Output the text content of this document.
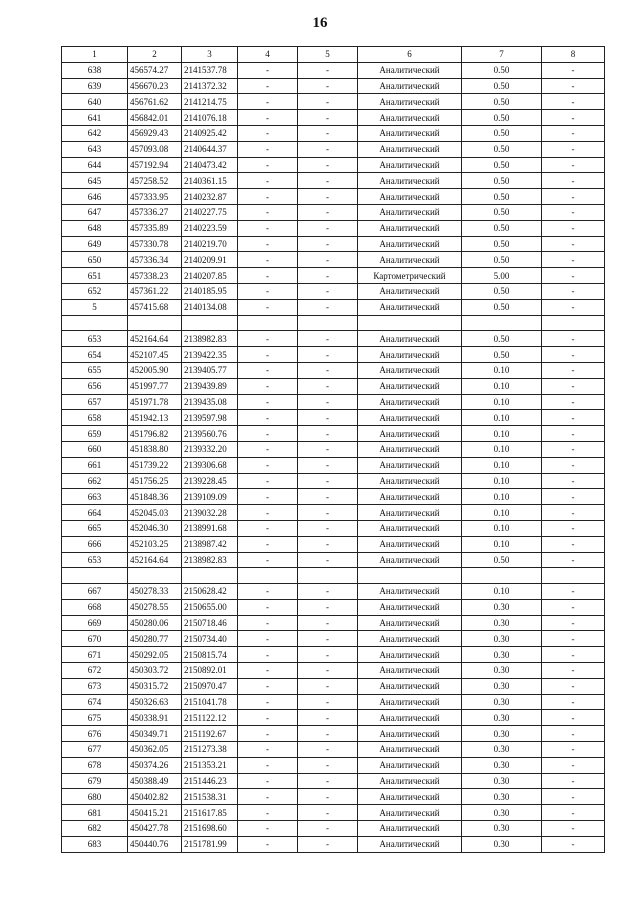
16
1	2	3	4	5	6	7	8
638	456574.27	2141537.78	-	-	Аналитический	0.50	-
639	456670.23	2141372.32	-	-	Аналитический	0.50	-
640	456761.62	2141214.75	-	-	Аналитический	0.50	-
641	456842.01	2141076.18	-	-	Аналитический	0.50	-
642	456929.43	2140925.42	-	-	Аналитический	0.50	-
643	457093.08	2140644.37	-	-	Аналитический	0.50	-
644	457192.94	2140473.42	-	-	Аналитический	0.50	-
645	457258.52	2140361.15	-	-	Аналитический	0.50	-
646	457333.95	2140232.87	-	-	Аналитический	0.50	-
647	457336.27	2140227.75	-	-	Аналитический	0.50	-
648	457335.89	2140223.59	-	-	Аналитический	0.50	-
649	457330.78	2140219.70	-	-	Аналитический	0.50	-
650	457336.34	2140209.91	-	-	Аналитический	0.50	-
651	457338.23	2140207.85	-	-	Картометрический	5.00	-
652	457361.22	2140185.95	-	-	Аналитический	0.50	-
5	457415.68	2140134.08	-	-	Аналитический	0.50	-

653	452164.64	2138982.83	-	-	Аналитический	0.50	-
654	452107.45	2139422.35	-	-	Аналитический	0.50	-
655	452005.90	2139405.77	-	-	Аналитический	0.10	-
656	451997.77	2139439.89	-	-	Аналитический	0.10	-
657	451971.78	2139435.08	-	-	Аналитический	0.10	-
658	451942.13	2139597.98	-	-	Аналитический	0.10	-
659	451796.82	2139560.76	-	-	Аналитический	0.10	-
660	451838.80	2139332.20	-	-	Аналитический	0.10	-
661	451739.22	2139306.68	-	-	Аналитический	0.10	-
662	451756.25	2139228.45	-	-	Аналитический	0.10	-
663	451848.36	2139109.09	-	-	Аналитический	0.10	-
664	452045.03	2139032.28	-	-	Аналитический	0.10	-
665	452046.30	2138991.68	-	-	Аналитический	0.10	-
666	452103.25	2138987.42	-	-	Аналитический	0.10	-
653	452164.64	2138982.83	-	-	Аналитический	0.50	-

667	450278.33	2150628.42	-	-	Аналитический	0.10	-
668	450278.55	2150655.00	-	-	Аналитический	0.30	-
669	450280.06	2150718.46	-	-	Аналитический	0.30	-
670	450280.77	2150734.40	-	-	Аналитический	0.30	-
671	450292.05	2150815.74	-	-	Аналитический	0.30	-
672	450303.72	2150892.01	-	-	Аналитический	0.30	-
673	450315.72	2150970.47	-	-	Аналитический	0.30	-
674	450326.63	2151041.78	-	-	Аналитический	0.30	-
675	450338.91	2151122.12	-	-	Аналитический	0.30	-
676	450349.71	2151192.67	-	-	Аналитический	0.30	-
677	450362.05	2151273.38	-	-	Аналитический	0.30	-
678	450374.26	2151353.21	-	-	Аналитический	0.30	-
679	450388.49	2151446.23	-	-	Аналитический	0.30	-
680	450402.82	2151538.31	-	-	Аналитический	0.30	-
681	450415.21	2151617.85	-	-	Аналитический	0.30	-
682	450427.78	2151698.60	-	-	Аналитический	0.30	-
683	450440.76	2151781.99	-	-	Аналитический	0.30	-
